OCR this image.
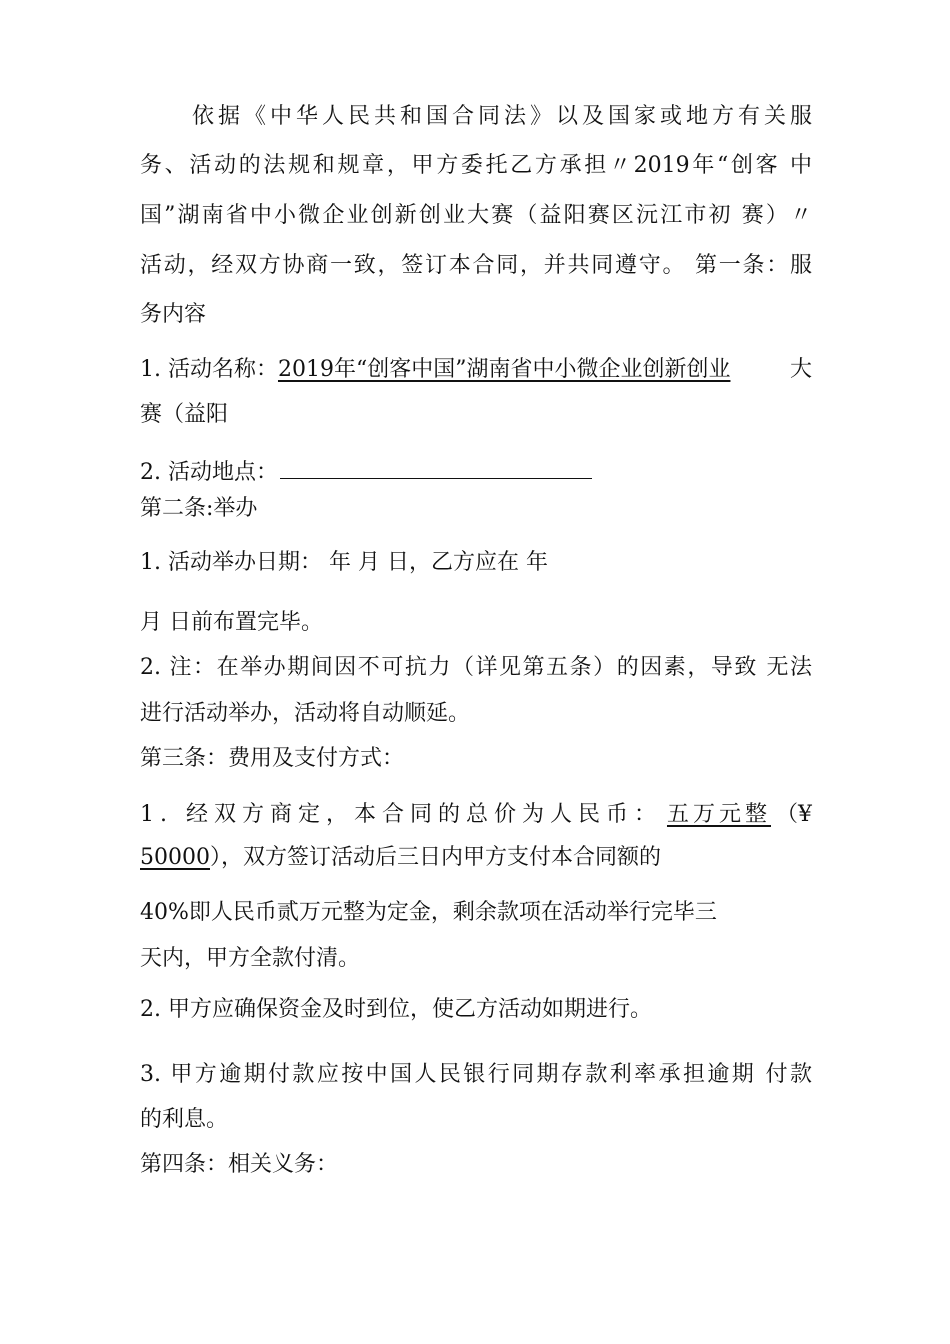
依据《中华人民共和国合同法》以及国家或地方有关服
务、活动的法规和规章，甲方委托乙方承担〃2019年“创客 中
国”湖南省中小微企业创新创业大赛（益阳赛区沅江市初 赛）〃
活动，经双方协商一致，签订本合同，并共同遵守。 第一条：服
务内容
1. 活动名称： 2019年“创客中国”湖南省中小微企业创新创业	大
赛（益阳
2. 活动地点：
第二条:举办
1. 活动举办日期： 年 月 日，乙方应在 年
月 日前布置完毕。
2. 注：在举办期间因不可抗力（详见第五条）的因素，导致 无法
进行活动举办，活动将自动顺延。
第三条：费用及支付方式：
1. 经双方商定，本合同的总价为人民币： 五万元整 （¥
50000），双方签订活动后三日内甲方支付本合同额的
40%即人民币贰万元整为定金，剩余款项在活动举行完毕三
天内，甲方全款付清。
2. 甲方应确保资金及时到位，使乙方活动如期进行。
3. 甲方逾期付款应按中国人民银行同期存款利率承担逾期 付款
的利息。
第四条：相关义务：
